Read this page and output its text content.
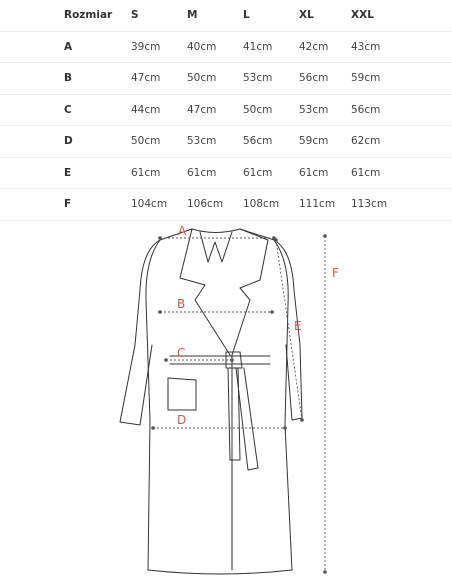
Rozmiar	S	M	L	XL	XXL
A	39cm	40cm	41cm	42cm	43cm
B	47cm	50cm	53cm	56cm	59cm
C	44cm	47cm	50cm	53cm	56cm
D	50cm	53cm	56cm	59cm	62cm
E	61cm	61cm	61cm	61cm	61cm
F	104cm	106cm	108cm	111cm	113cm
A
B
C
D
E
F
